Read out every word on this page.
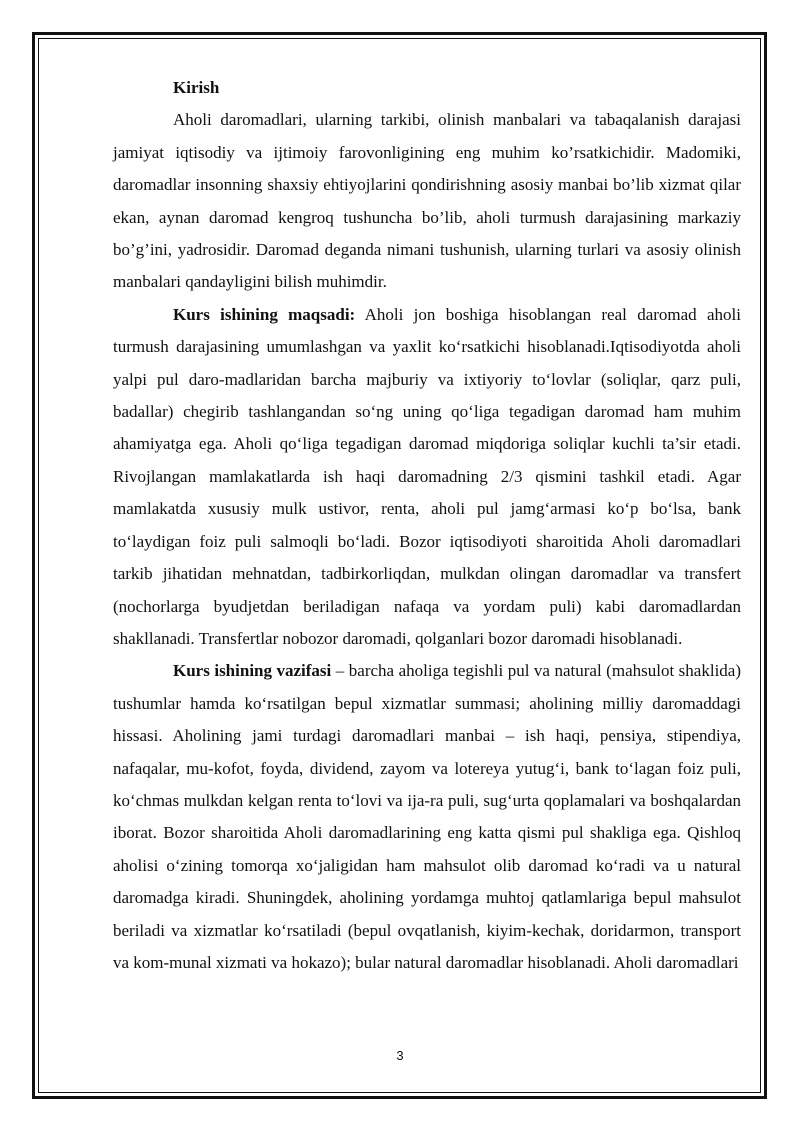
Kirish

Aholi daromadlari, ularning tarkibi, olinish manbalari va tabaqalanish darajasi jamiyat iqtisodiy va ijtimoiy farovonligining eng muhim ko’rsatkichidir. Madomiki, daromadlar insonning shaxsiy ehtiyojlarini qondirishning asosiy manbai bo’lib xizmat qilar ekan, aynan daromad kengroq tushuncha bo’lib, aholi turmush darajasining markaziy bo’g’ini, yadrosidir. Daromad deganda nimani tushunish, ularning turlari va asosiy olinish manbalari qandayligini bilish muhimdir.

Kurs ishining maqsadi: Aholi jon boshiga hisoblangan real daromad aholi turmush darajasining umumlashgan va yaxlit ko‘rsatkichi hisoblanadi.Iqtisodiyotda aholi yalpi pul daro-madlaridan barcha majburiy va ixtiyoriy to‘lovlar (soliqlar, qarz puli, badallar) chegirib tashlangandan so‘ng uning qo‘liga tegadigan daromad ham muhim ahamiyatga ega. Aholi qo‘liga tegadigan daromad miqdoriga soliqlar kuchli ta’sir etadi. Rivojlangan mamlakatlarda ish haqi daromadning 2/3 qismini tashkil etadi. Agar mamlakatda xususiy mulk ustivor, renta, aholi pul jamg‘armasi ko‘p bo‘lsa, bank to‘laydigan foiz puli salmoqli bo‘ladi. Bozor iqtisodiyoti sharoitida Aholi daromadlari tarkib jihatidan mehnatdan, tadbirkorliqdan, mulkdan olingan daromadlar va transfert (nochorlarga byudjetdan beriladigan nafaqa va yordam puli) kabi daromadlardan shakllanadi. Transfertlar nobozor daromadi, qolganlari bozor daromadi hisoblanadi.

Kurs ishining vazifasi – barcha aholiga tegishli pul va natural (mahsulot shaklida) tushumlar hamda ko‘rsatilgan bepul xizmatlar summasi; aholining milliy daromaddagi hissasi. Aholining jami turdagi daromadlari manbai – ish haqi, pensiya, stipendiya, nafaqalar, mu-kofot, foyda, dividend, zayom va lotereya yutug‘i, bank to‘lagan foiz puli, ko‘chmas mulkdan kelgan renta to‘lovi va ija-ra puli, sug‘urta qoplamalari va boshqalardan iborat. Bozor sharoitida Aholi daromadlarining eng katta qismi pul shakliga ega. Qishloq aholisi o‘zining tomorqa xo‘jaligidan ham mahsulot olib daromad ko‘radi va u natural daromadga kiradi. Shuningdek, aholining yordamga muhtoj qatlamlariga bepul mahsulot beriladi va xizmatlar ko‘rsatiladi (bepul ovqatlanish, kiyim-kechak, doridarmon, transport va kom-munal xizmati va hokazo); bular natural daromadlar hisoblanadi. Aholi daromadlari

3
